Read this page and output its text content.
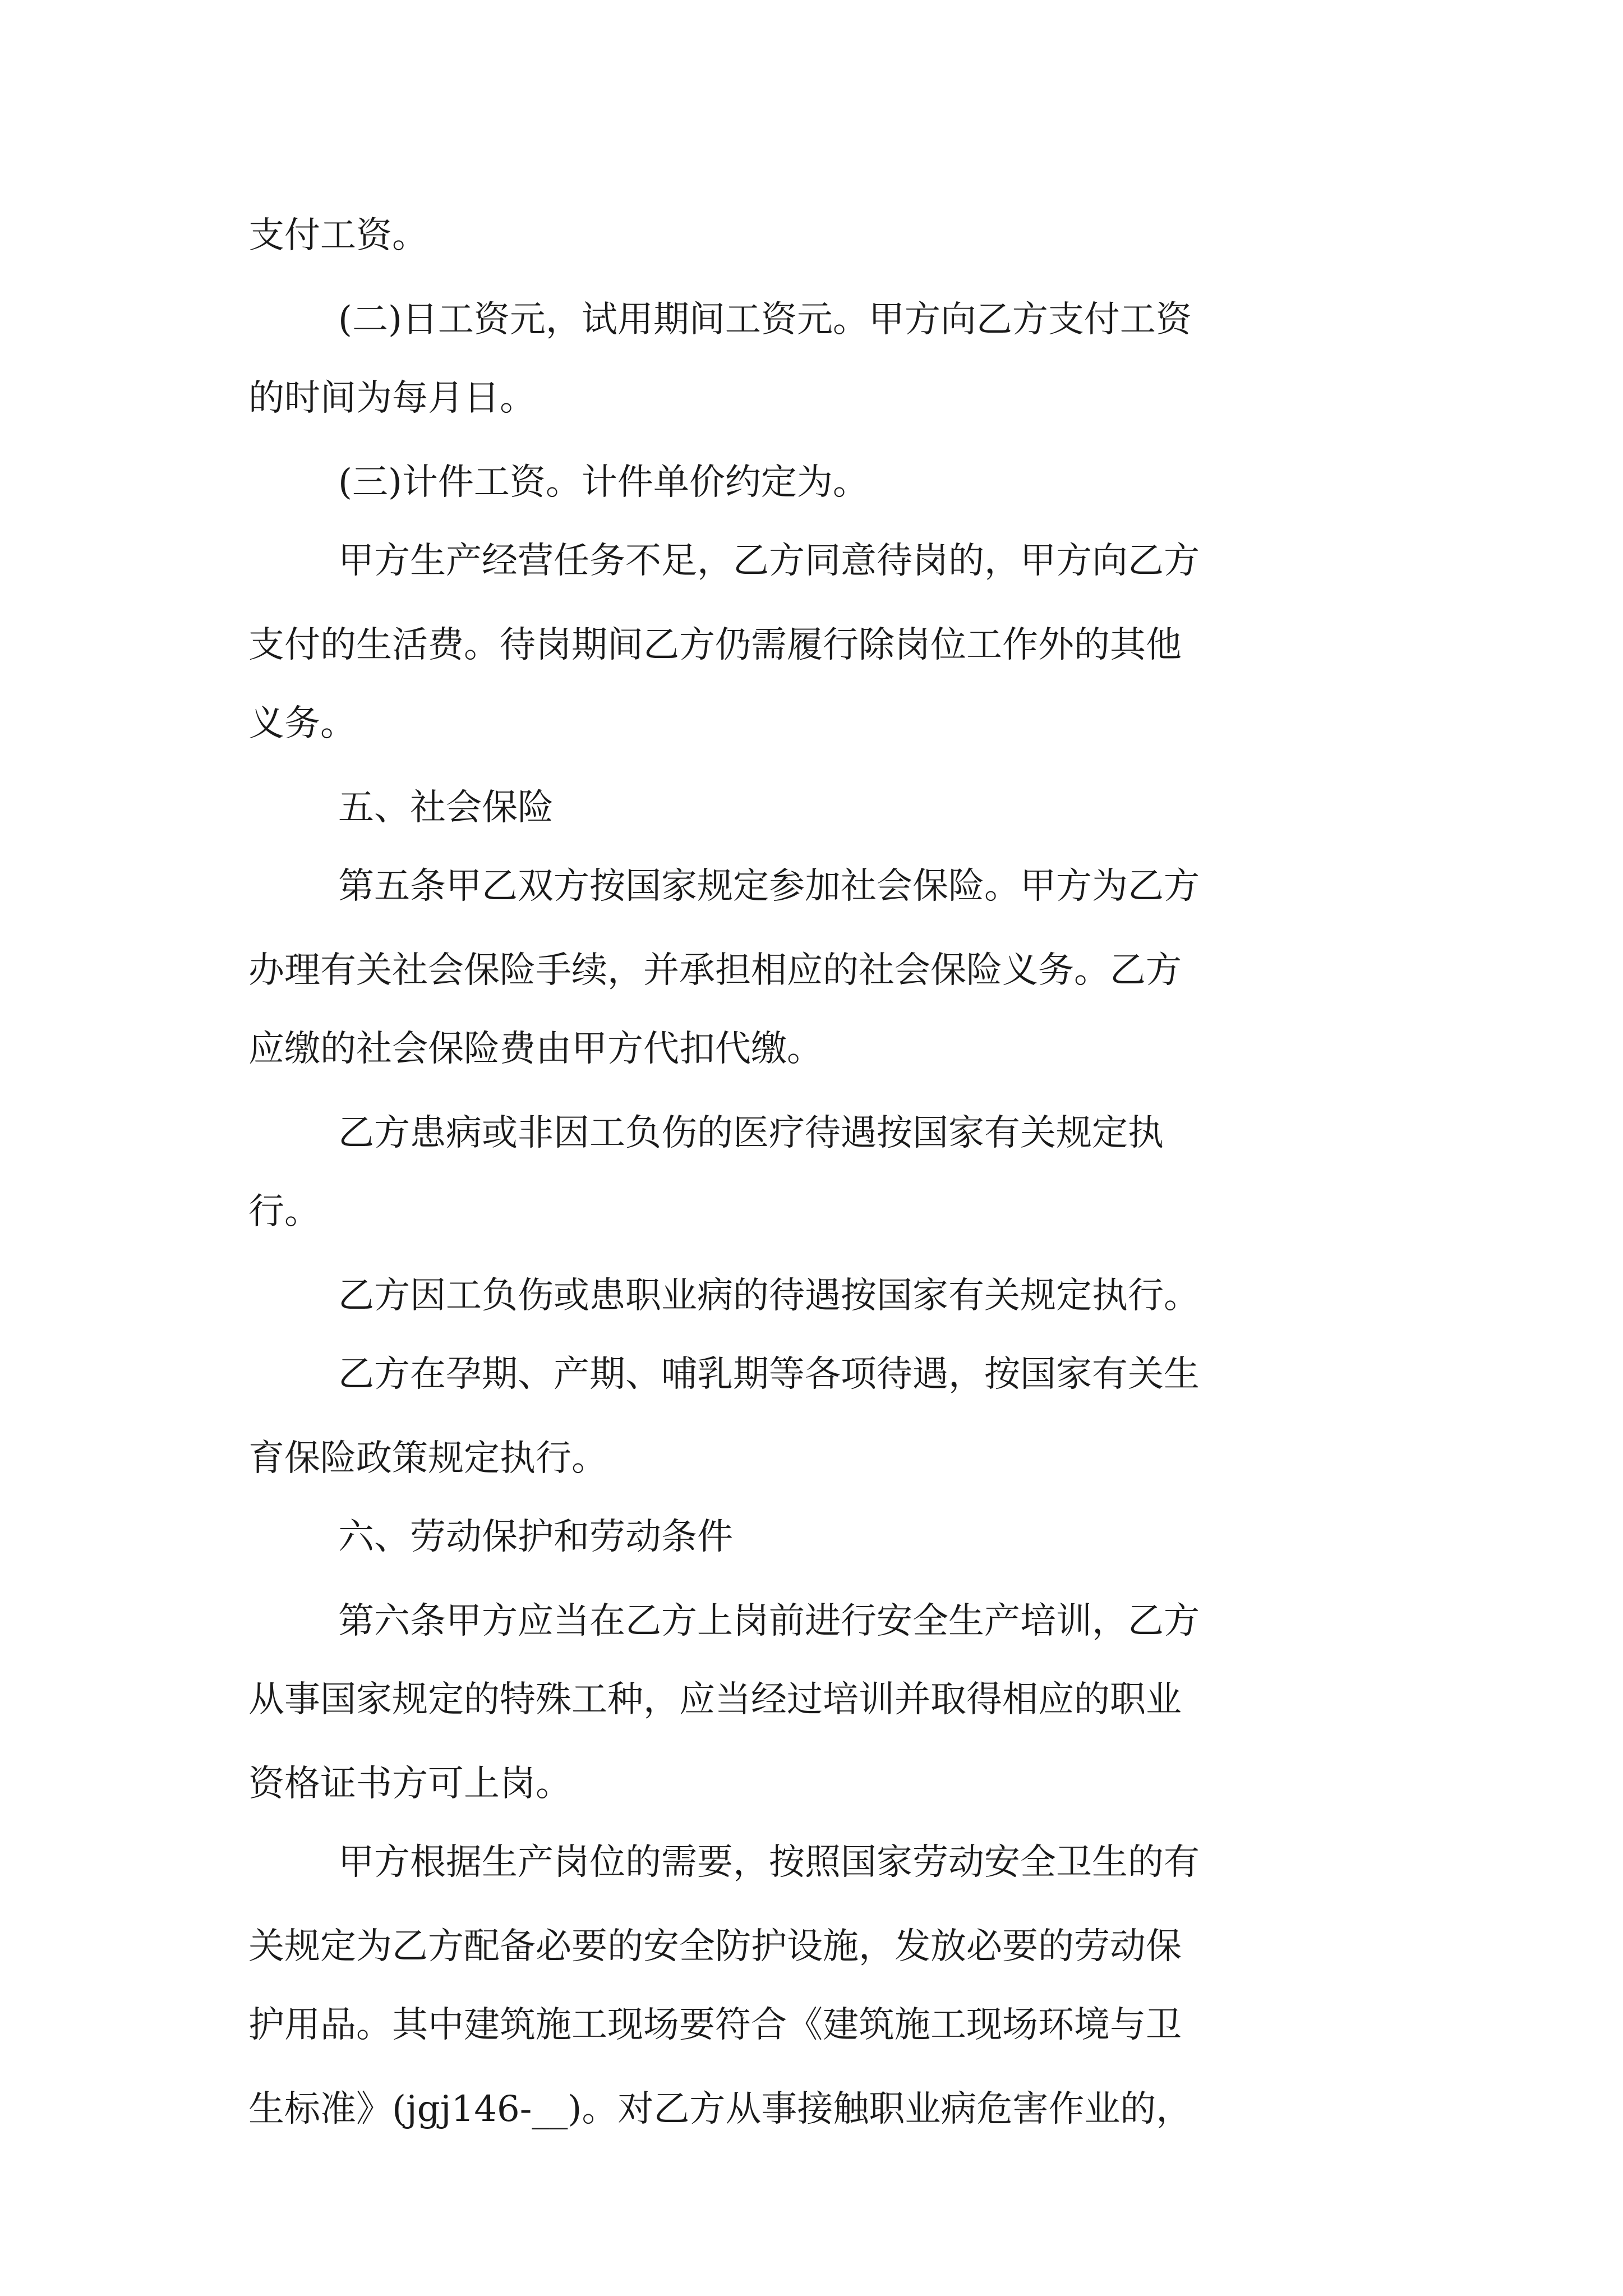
支付工资。
(二)日工资元，试用期间工资元。甲方向乙方支付工资
的时间为每月日。
(三)计件工资。计件单价约定为。
甲方生产经营任务不足，乙方同意待岗的，甲方向乙方
支付的生活费。待岗期间乙方仍需履行除岗位工作外的其他
义务。
五、社会保险
第五条甲乙双方按国家规定参加社会保险。甲方为乙方
办理有关社会保险手续，并承担相应的社会保险义务。乙方
应缴的社会保险费由甲方代扣代缴。
乙方患病或非因工负伤的医疗待遇按国家有关规定执
行。
乙方因工负伤或患职业病的待遇按国家有关规定执行。
乙方在孕期、产期、哺乳期等各项待遇，按国家有关生
育保险政策规定执行。
六、劳动保护和劳动条件
第六条甲方应当在乙方上岗前进行安全生产培训，乙方
从事国家规定的特殊工种，应当经过培训并取得相应的职业
资格证书方可上岗。
甲方根据生产岗位的需要，按照国家劳动安全卫生的有
关规定为乙方配备必要的安全防护设施，发放必要的劳动保
护用品。其中建筑施工现场要符合《建筑施工现场环境与卫
生标准》(jgj146-__)。对乙方从事接触职业病危害作业的，
